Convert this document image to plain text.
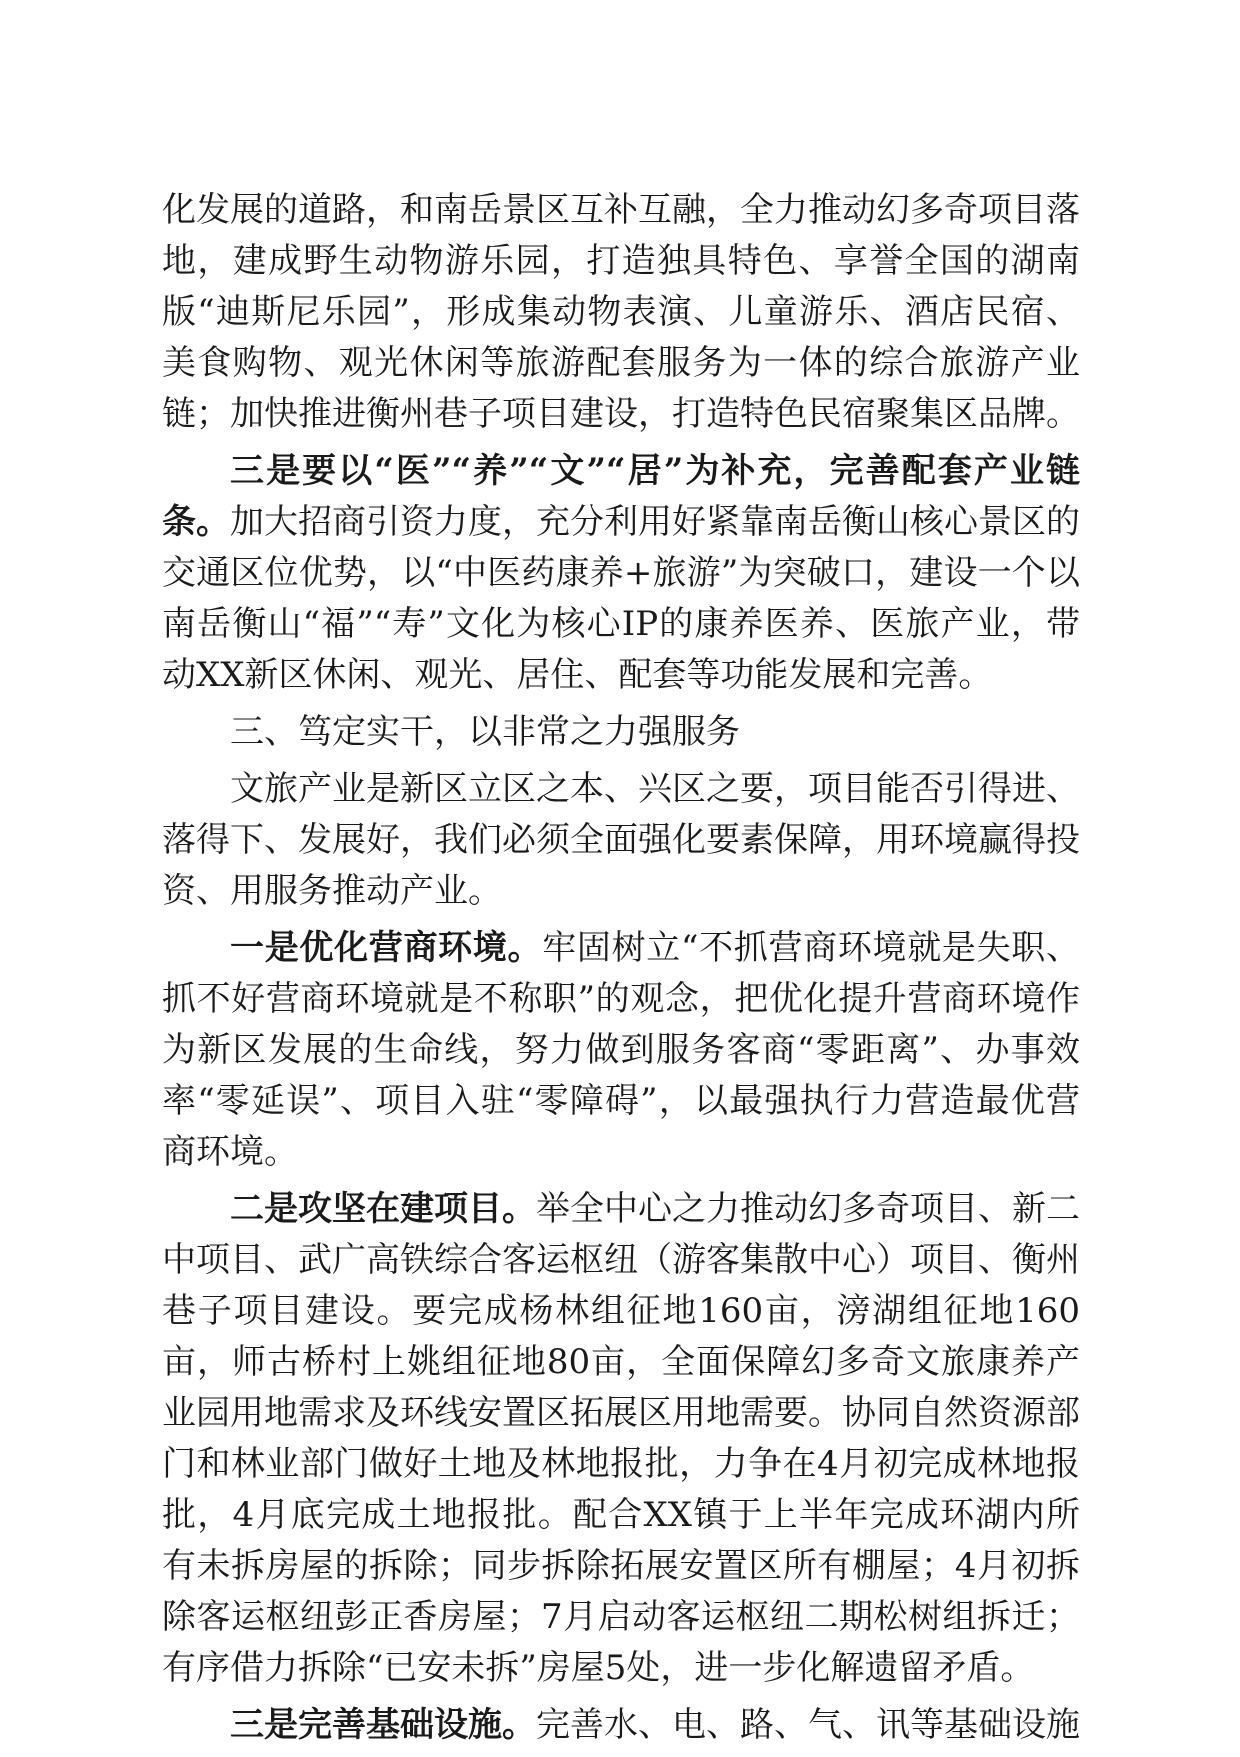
化发展的道路，和南岳景区互补互融，全力推动幻多奇项目落地，建成野生动物游乐园，打造独具特色、享誉全国的湖南版“迪斯尼乐园”，形成集动物表演、儿童游乐、酒店民宿、美食购物、观光休闲等旅游配套服务为一体的综合旅游产业链；加快推进衡州巷子项目建设，打造特色民宿聚集区品牌。

三是要以“医”“养”“文”“居”为补充，完善配套产业链条。加大招商引资力度，充分利用好紧靠南岳衡山核心景区的交通区位优势，以“中医药康养+旅游”为突破口，建设一个以南岳衡山“福”“寿”文化为核心IP的康养医养、医旅产业，带动XX新区休闲、观光、居住、配套等功能发展和完善。

三、笃定实干，以非常之力强服务

文旅产业是新区立区之本、兴区之要，项目能否引得进、落得下、发展好，我们必须全面强化要素保障，用环境赢得投资、用服务推动产业。

一是优化营商环境。牢固树立“不抓营商环境就是失职、抓不好营商环境就是不称职”的观念，把优化提升营商环境作为新区发展的生命线，努力做到服务客商“零距离”、办事效率“零延误”、项目入驻“零障碍”，以最强执行力营造最优营商环境。

二是攻坚在建项目。举全中心之力推动幻多奇项目、新二中项目、武广高铁综合客运枢纽（游客集散中心）项目、衡州巷子项目建设。要完成杨林组征地160亩，滂湖组征地160亩，师古桥村上姚组征地80亩，全面保障幻多奇文旅康养产业园用地需求及环线安置区拓展区用地需要。协同自然资源部门和林业部门做好土地及林地报批，力争在4月初完成林地报批，4月底完成土地报批。配合XX镇于上半年完成环湖内所有未拆房屋的拆除；同步拆除拓展安置区所有棚屋；4月初拆除客运枢纽彭正香房屋；7月启动客运枢纽二期松树组拆迁；有序借力拆除“已安未拆”房屋5处，进一步化解遗留矛盾。

三是完善基础设施。完善水、电、路、气、讯等基础设施
